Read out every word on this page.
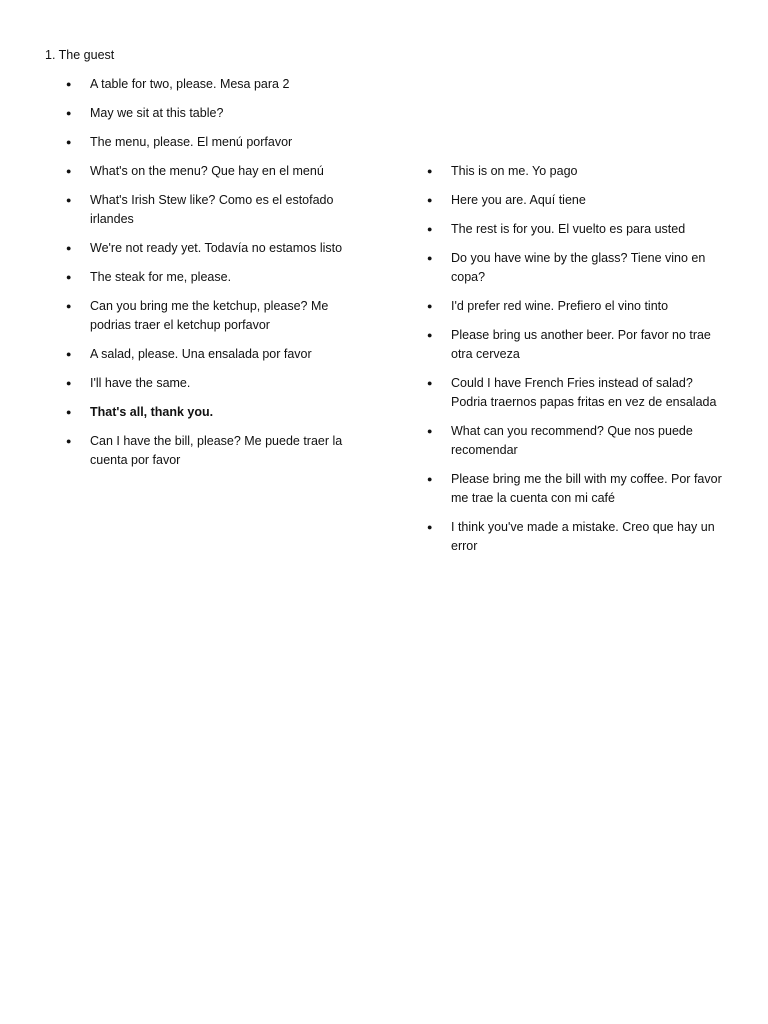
1. The guest
●	A table for two, please. Mesa para 2
●	May we sit at this table?
●	The menu, please. El menú porfavor
●	What's on the menu? Que hay en el menú
●	What's Irish Stew like? Como es el estofado irlandes
●	We're not ready yet. Todavía no estamos listo
●	The steak for me, please.
●	Can you bring me the ketchup, please? Me podrias traer el ketchup porfavor
●	A salad, please. Una ensalada por favor
●	I'll have the same.
●	That's all, thank you.
●	Can I have the bill, please? Me puede traer la cuenta por favor
●	This is on me. Yo pago
●	Here you are. Aquí tiene
●	The rest is for you. El vuelto es para usted
●	Do you have wine by the glass? Tiene vino en copa?
●	I'd prefer red wine. Prefiero el vino tinto
●	Please bring us another beer. Por favor no trae otra cerveza
●	Could I have French Fries instead of salad? Podria traernos papas fritas en vez de ensalada
●	What can you recommend? Que nos puede recomendar
●	Please bring me the bill with my coffee. Por favor me trae la cuenta con mi café
●	I think you've made a mistake. Creo que hay un error
